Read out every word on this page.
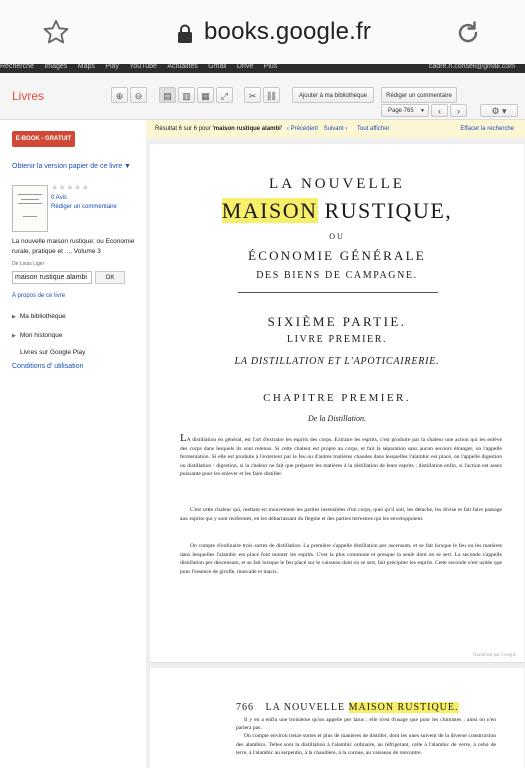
books.google.fr
Recherche Images Maps Play YouTube Actualités Gmail Drive Plus	cadre.h.conseil@gmail.com
Livres	⊕	⊖	▤	▥	▦	⤢	✂	⛓	Ajouter à ma bibliothèque	Rédiger un commentaire
Page 765 ▼	‹	›	⚙ ▾
Résultat 6 sur 6 pour 'maison rustique alambi' ‹ Précédent Suivant › Tout afficher	Effacer la recherche
E-BOOK - GRATUIT
Obtenir la version papier de ce livre ▼
★★★★★
0 Avis
Rédiger un commentaire
La nouvelle maison rustique: ou Economie rurale, pratique et ..., Volume 3
De Louis Liger
maison rustique alambi	OK
À propos de ce livre
▶ Ma bibliothèque
▶ Mon historique
Livres sur Google Play
Conditions d' utilisation
LA NOUVELLE
MAISON RUSTIQUE,
OU
ÉCONOMIE GÉNÉRALE
DES BIENS DE CAMPAGNE.
SIXIÈME PARTIE.
LIVRE PREMIER.
LA DISTILLATION ET L'APOTICAIRERIE.
CHAPITRE PREMIER.
De la Distillation.
LA distillation en général, est l'art d'extraire les esprits des corps. Extraire les esprits, c'est produire par la chaleur une action qui les enlève des corps dans lesquels ils sont retenus. Si cette chaleur est propre au corps, et fait la séparation sans aucun secours étranger, on l'appelle fermentation. Si elle est produite à l'extérieur par le feu ou d'autres matières chaudes dans lesquelles l'alambic est placé, on l'appelle digestion ou distillation : digestion, si la chaleur ne fait que préparer les matières à la distillation de leurs esprits ; distillation enfin, si l'action est assez puissante pour les enlever et les faire distiller.
C'est cette chaleur qui, mettant en mouvement les parties insensibles d'un corps, quel qu'il soit, les détache, les divise et fait faire passage aux esprits qui y sont renfermés, en les débarrassant du flegme et des parties terrestres qui les enveloppoient.
On compte d'ordinaire trois sortes de distillation. La première s'appelle distillation per ascensum, et se fait lorsque le feu ou les matières dans lesquelles l'alambic est placé font monter les esprits. C'est la plus commune et presque la seule dont on se sert. La seconde s'appelle distillation per descensum, et se fait lorsque le feu placé sur le vaisseau dont on se sert, fait précipiter les esprits. Cette seconde n'est usitée que pour l'essence de girofle, muscade et macis.
Numérisé par Google
766 LA NOUVELLE MAISON RUSTIQUE.
Il y en a enfin une troisième qu'on appelle per latus : elle n'est d'usage que pour les chimistes ; ainsi on n'en parlera pas.
On compte environ treize sortes et plus de manières de distiller, dont les unes suivent de la diverse construction des alambics. Telles sont la distillation à l'alambic ordinaire, au réfrigérant, celle à l'alambic de verre, à celui de terre, à l'alambic au serpentin, à la chaudière, à la cornue, au vaisseau de rencontre.
